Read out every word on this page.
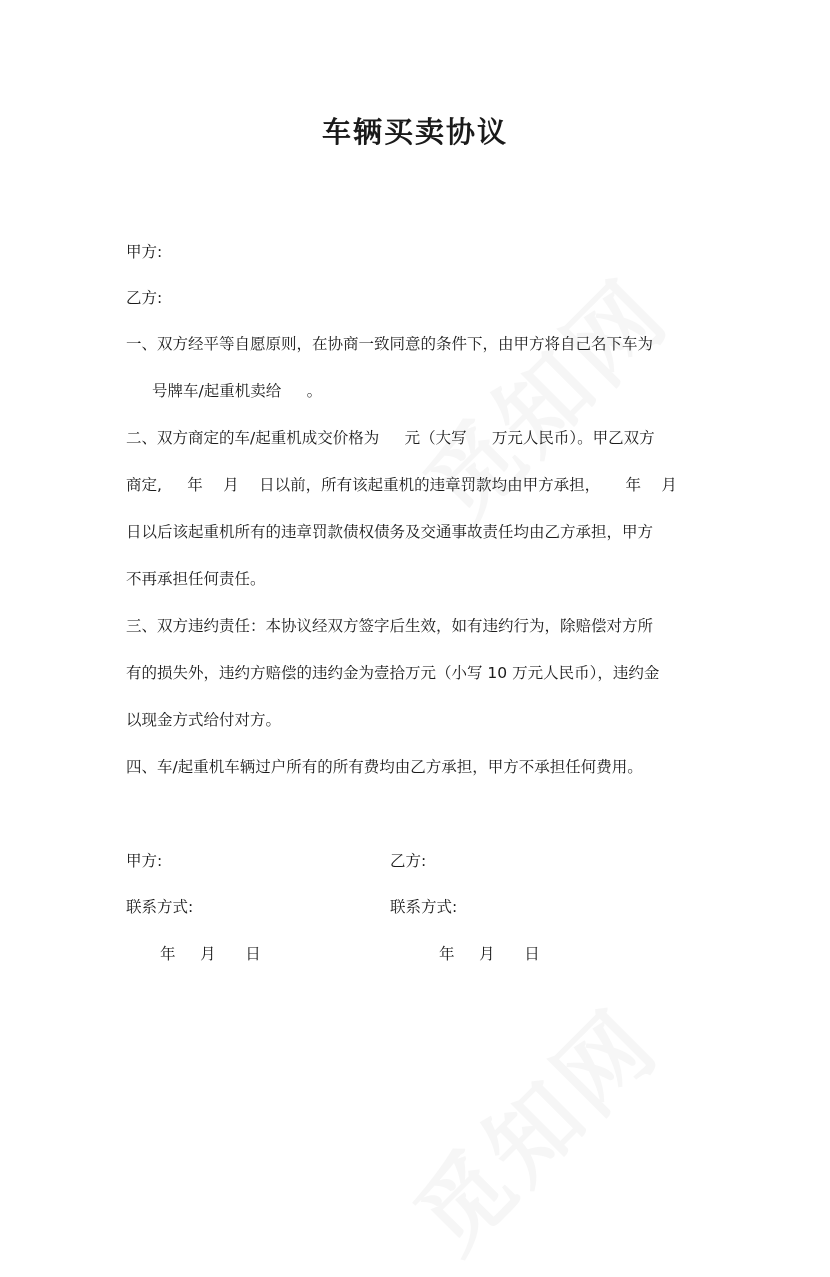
车辆买卖协议
甲方:
乙方:
一、双方经平等自愿原则，在协商一致同意的条件下，由甲方将自己名下车为
号牌车/起重机卖给 　 。
二、双方商定的车/起重机成交价格为 　 元（大写 　 万元人民币）。甲乙双方
商定, 　 年 　月 　日以前，所有该起重机的违章罚款均由甲方承担， 　 年 　月
日以后该起重机所有的违章罚款债权债务及交通事故责任均由乙方承担，甲方
不再承担任何责任。
三、双方违约责任：本协议经双方签字后生效，如有违约行为，除赔偿对方所
有的损失外，违约方赔偿的违约金为壹拾万元（小写 10 万元人民币），违约金
以现金方式给付对方。
四、车/起重机车辆过户所有的所有费均由乙方承担，甲方不承担任何费用。
甲方:	乙方:
联系方式:	联系方式:
年     月      日	年     月      日
